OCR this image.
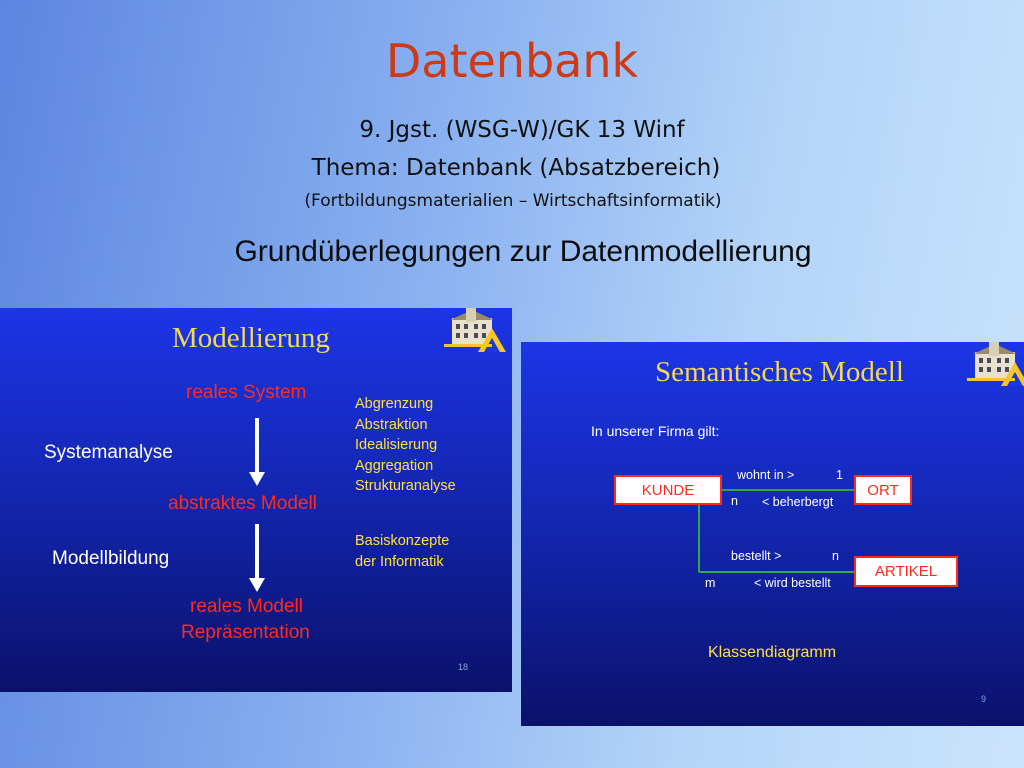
Datenbank
9. Jgst. (WSG-W)/GK 13 Winf
Thema: Datenbank (Absatzbereich)
(Fortbildungsmaterialien – Wirtschaftsinformatik)
Grundüberlegungen zur Datenmodellierung
Modellierung
reales System
Systemanalyse
abstraktes Modell
Modellbildung
reales Modell
Repräsentation
Abgrenzung
Abstraktion
Idealisierung
Aggregation
Strukturanalyse
Basiskonzepte
der Informatik
18
Semantisches Modell
In unserer Firma gilt:
KUNDE	ORT
ARTIKEL
wohnt in >	1
n < beherbergt
bestellt >	n
m	< wird bestellt
Klassendiagramm
9
